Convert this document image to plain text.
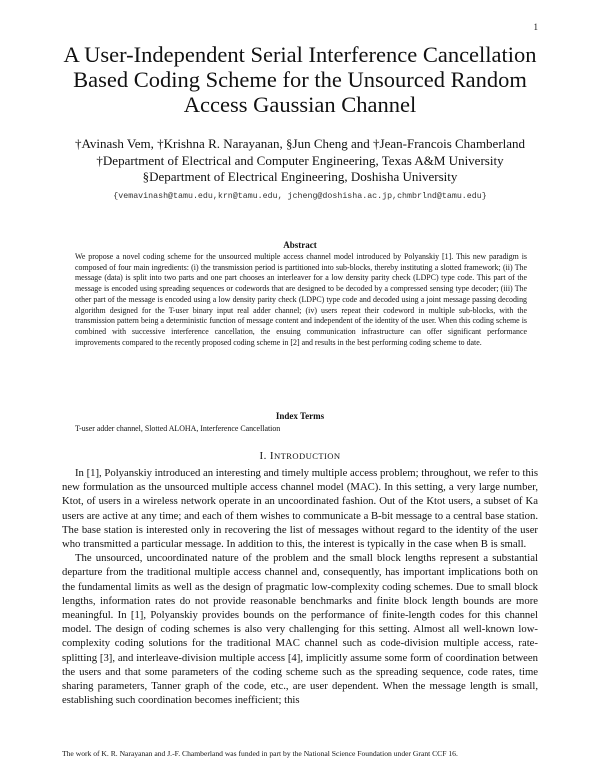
1
A User-Independent Serial Interference Cancellation
Based Coding Scheme for the Unsourced Random
Access Gaussian Channel
†Avinash Vem, †Krishna R. Narayanan, §Jun Cheng and †Jean-Francois Chamberland
†Department of Electrical and Computer Engineering, Texas A&M University
§Department of Electrical Engineering, Doshisha University
{vemavinash@tamu.edu,krn@tamu.edu, jcheng@doshisha.ac.jp,chmbrlnd@tamu.edu}
Abstract

We propose a novel coding scheme for the unsourced multiple access channel model introduced by Polyanskiy [1]. This new paradigm is composed of four main ingredients: (i) the transmission period is partitioned into sub-blocks, thereby instituting a slotted framework; (ii) The message (data) is split into two parts and one part chooses an interleaver for a low density parity check (LDPC) type code. This part of the message is encoded using spreading sequences or codewords that are designed to be decoded by a compressed sensing type decoder; (iii) The other part of the message is encoded using a low density parity check (LDPC) type code and decoded using a joint message passing decoding algorithm designed for the T-user binary input real adder channel; (iv) users repeat their codeword in multiple sub-blocks, with the transmission pattern being a deterministic function of message content and independent of the identity of the user. When this coding scheme is combined with successive interference cancellation, the ensuing communication infrastructure can offer significant performance improvements compared to the recently proposed coding scheme in [2] and results in the best performing coding scheme to date.

Index Terms

T-user adder channel, Slotted ALOHA, Interference Cancellation

I. INTRODUCTION

In [1], Polyanskiy introduced an interesting and timely multiple access problem; throughout, we refer to this new formulation as the unsourced multiple access channel model (MAC). In this setting, a very large number, Ktot, of users in a wireless network operate in an uncoordinated fashion. Out of the Ktot users, a subset of Ka users are active at any time; and each of them wishes to communicate a B-bit message to a central base station. The base station is interested only in recovering the list of messages without regard to the identity of the user who transmitted a particular message. In addition to this, the interest is typically in the case when B is small.

The unsourced, uncoordinated nature of the problem and the small block lengths represent a substantial departure from the traditional multiple access channel and, consequently, has important implications both on the fundamental limits as well as the design of pragmatic low-complexity coding schemes. Due to small block lengths, information rates do not provide reasonable benchmarks and finite block length bounds are more meaningful. In [1], Polyanskiy provides bounds on the performance of finite-length codes for this channel model. The design of coding schemes is also very challenging for this setting. Almost all well-known low-complexity coding solutions for the traditional MAC channel such as code-division multiple access, rate-splitting [3], and interleave-division multiple access [4], implicitly assume some form of coordination between the users and that some parameters of the coding scheme such as the spreading sequence, code rates, time sharing parameters, Tanner graph of the code, etc., are user dependent. When the message length is small, establishing such coordination becomes inefficient; this

The work of K. R. Narayanan and J.-F. Chamberland was funded in part by the National Science Foundation under Grant CCF 16.
